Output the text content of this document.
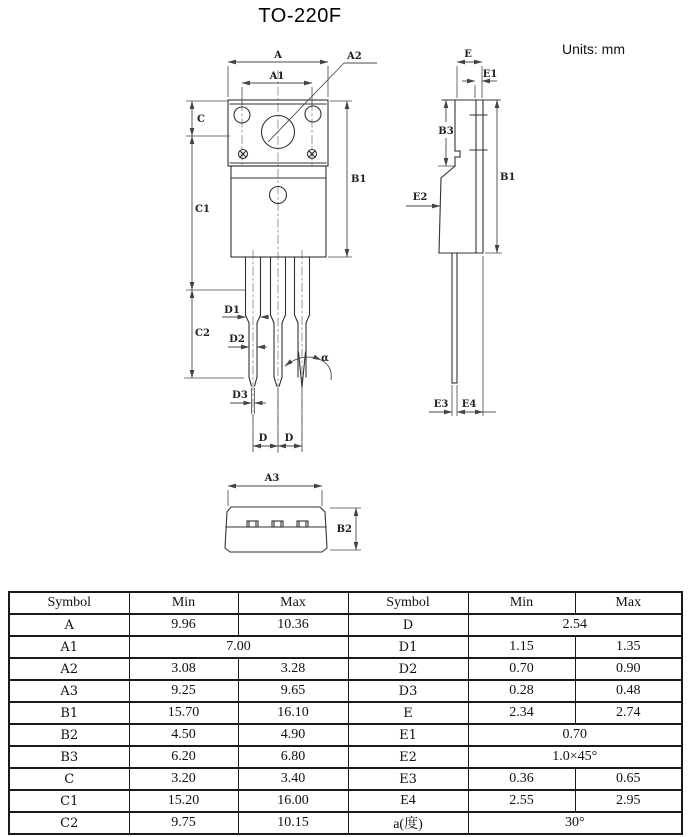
TO-220F
Units: mm
A
A1
A2
C
C1
C2
B1
D1
D2
D3
D D
α
E
E1
B3
B1
E2
E3 E4
A3
B2
Symbol	Min	Max	Symbol	Min	Max
A	9.96	10.36	D	2.54	
A1	7.00		D1	1.15	1.35
A2	3.08	3.28	D2	0.70	0.90
A3	9.25	9.65	D3	0.28	0.48
B1	15.70	16.10	E	2.34	2.74
B2	4.50	4.90	E1	0.70	
B3	6.20	6.80	E2	1.0×45°	
C	3.20	3.40	E3	0.36	0.65
C1	15.20	16.00	E4	2.55	2.95
C2	9.75	10.15	a(度)	30°	
